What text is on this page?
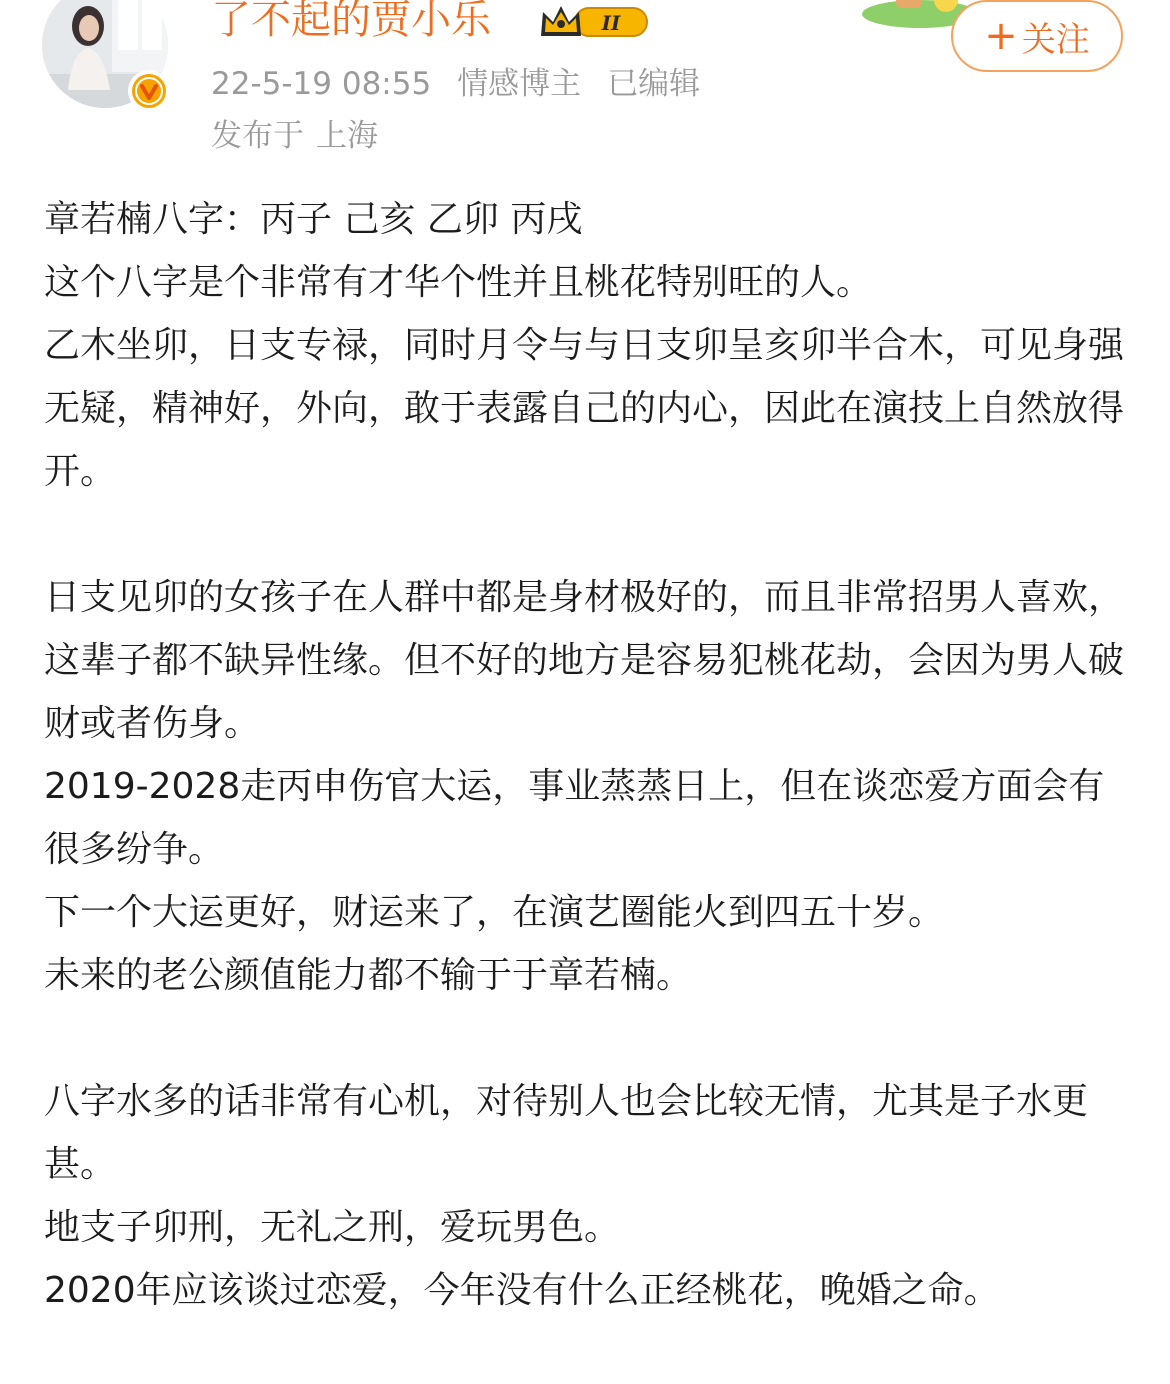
了不起的贾小乐	II
22-5-19 08:55 情感博主 已编辑
发布于 上海
+ 关注

章若楠八字：丙子 己亥 乙卯 丙戌

这个八字是个非常有才华个性并且桃花特别旺的人。

乙木坐卯，日支专禄，同时月令与与日支卯呈亥卯半合木，可见身强无疑，精神好，外向，敢于表露自己的内心，因此在演技上自然放得开。

日支见卯的女孩子在人群中都是身材极好的，而且非常招男人喜欢，这辈子都不缺异性缘。但不好的地方是容易犯桃花劫，会因为男人破财或者伤身。

2019-2028走丙申伤官大运，事业蒸蒸日上，但在谈恋爱方面会有很多纷争。

下一个大运更好，财运来了，在演艺圈能火到四五十岁。

未来的老公颜值能力都不输于于章若楠。

八字水多的话非常有心机，对待别人也会比较无情，尤其是子水更甚。

地支子卯刑，无礼之刑，爱玩男色。

2020年应该谈过恋爱，今年没有什么正经桃花，晚婚之命。
